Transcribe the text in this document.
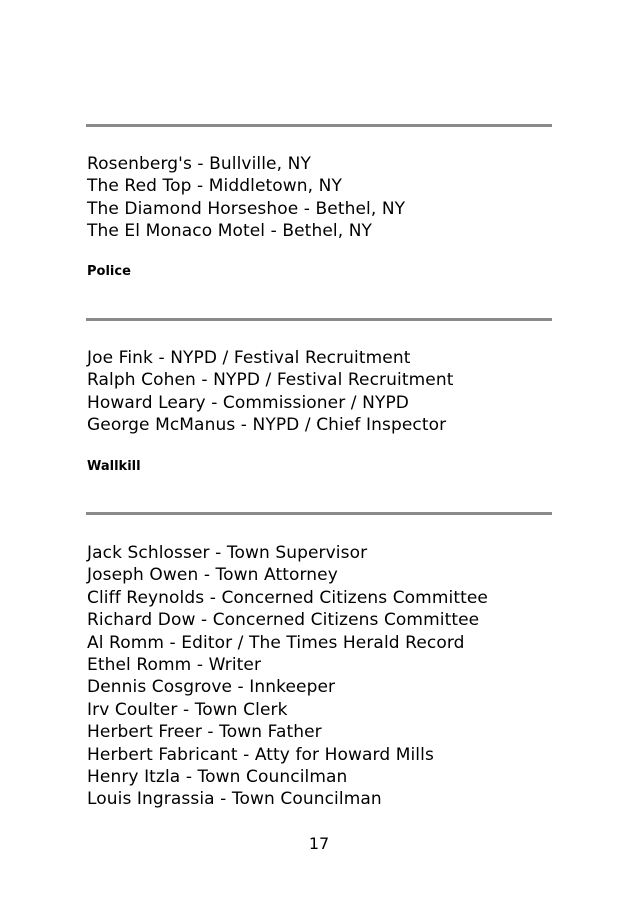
Rosenberg's - Bullville, NY
The Red Top - Middletown, NY
The Diamond Horseshoe - Bethel, NY
The El Monaco Motel - Bethel, NY
Police
Joe Fink - NYPD / Festival Recruitment
Ralph Cohen - NYPD / Festival Recruitment
Howard Leary - Commissioner / NYPD
George McManus - NYPD / Chief Inspector
Wallkill
Jack Schlosser - Town Supervisor
Joseph Owen - Town Attorney
Cliff Reynolds - Concerned Citizens Committee
Richard Dow - Concerned Citizens Committee
Al Romm - Editor / The Times Herald Record
Ethel Romm - Writer
Dennis Cosgrove - Innkeeper
Irv Coulter - Town Clerk
Herbert Freer - Town Father
Herbert Fabricant - Atty for Howard Mills
Henry Itzla - Town Councilman
Louis Ingrassia - Town Councilman
17
